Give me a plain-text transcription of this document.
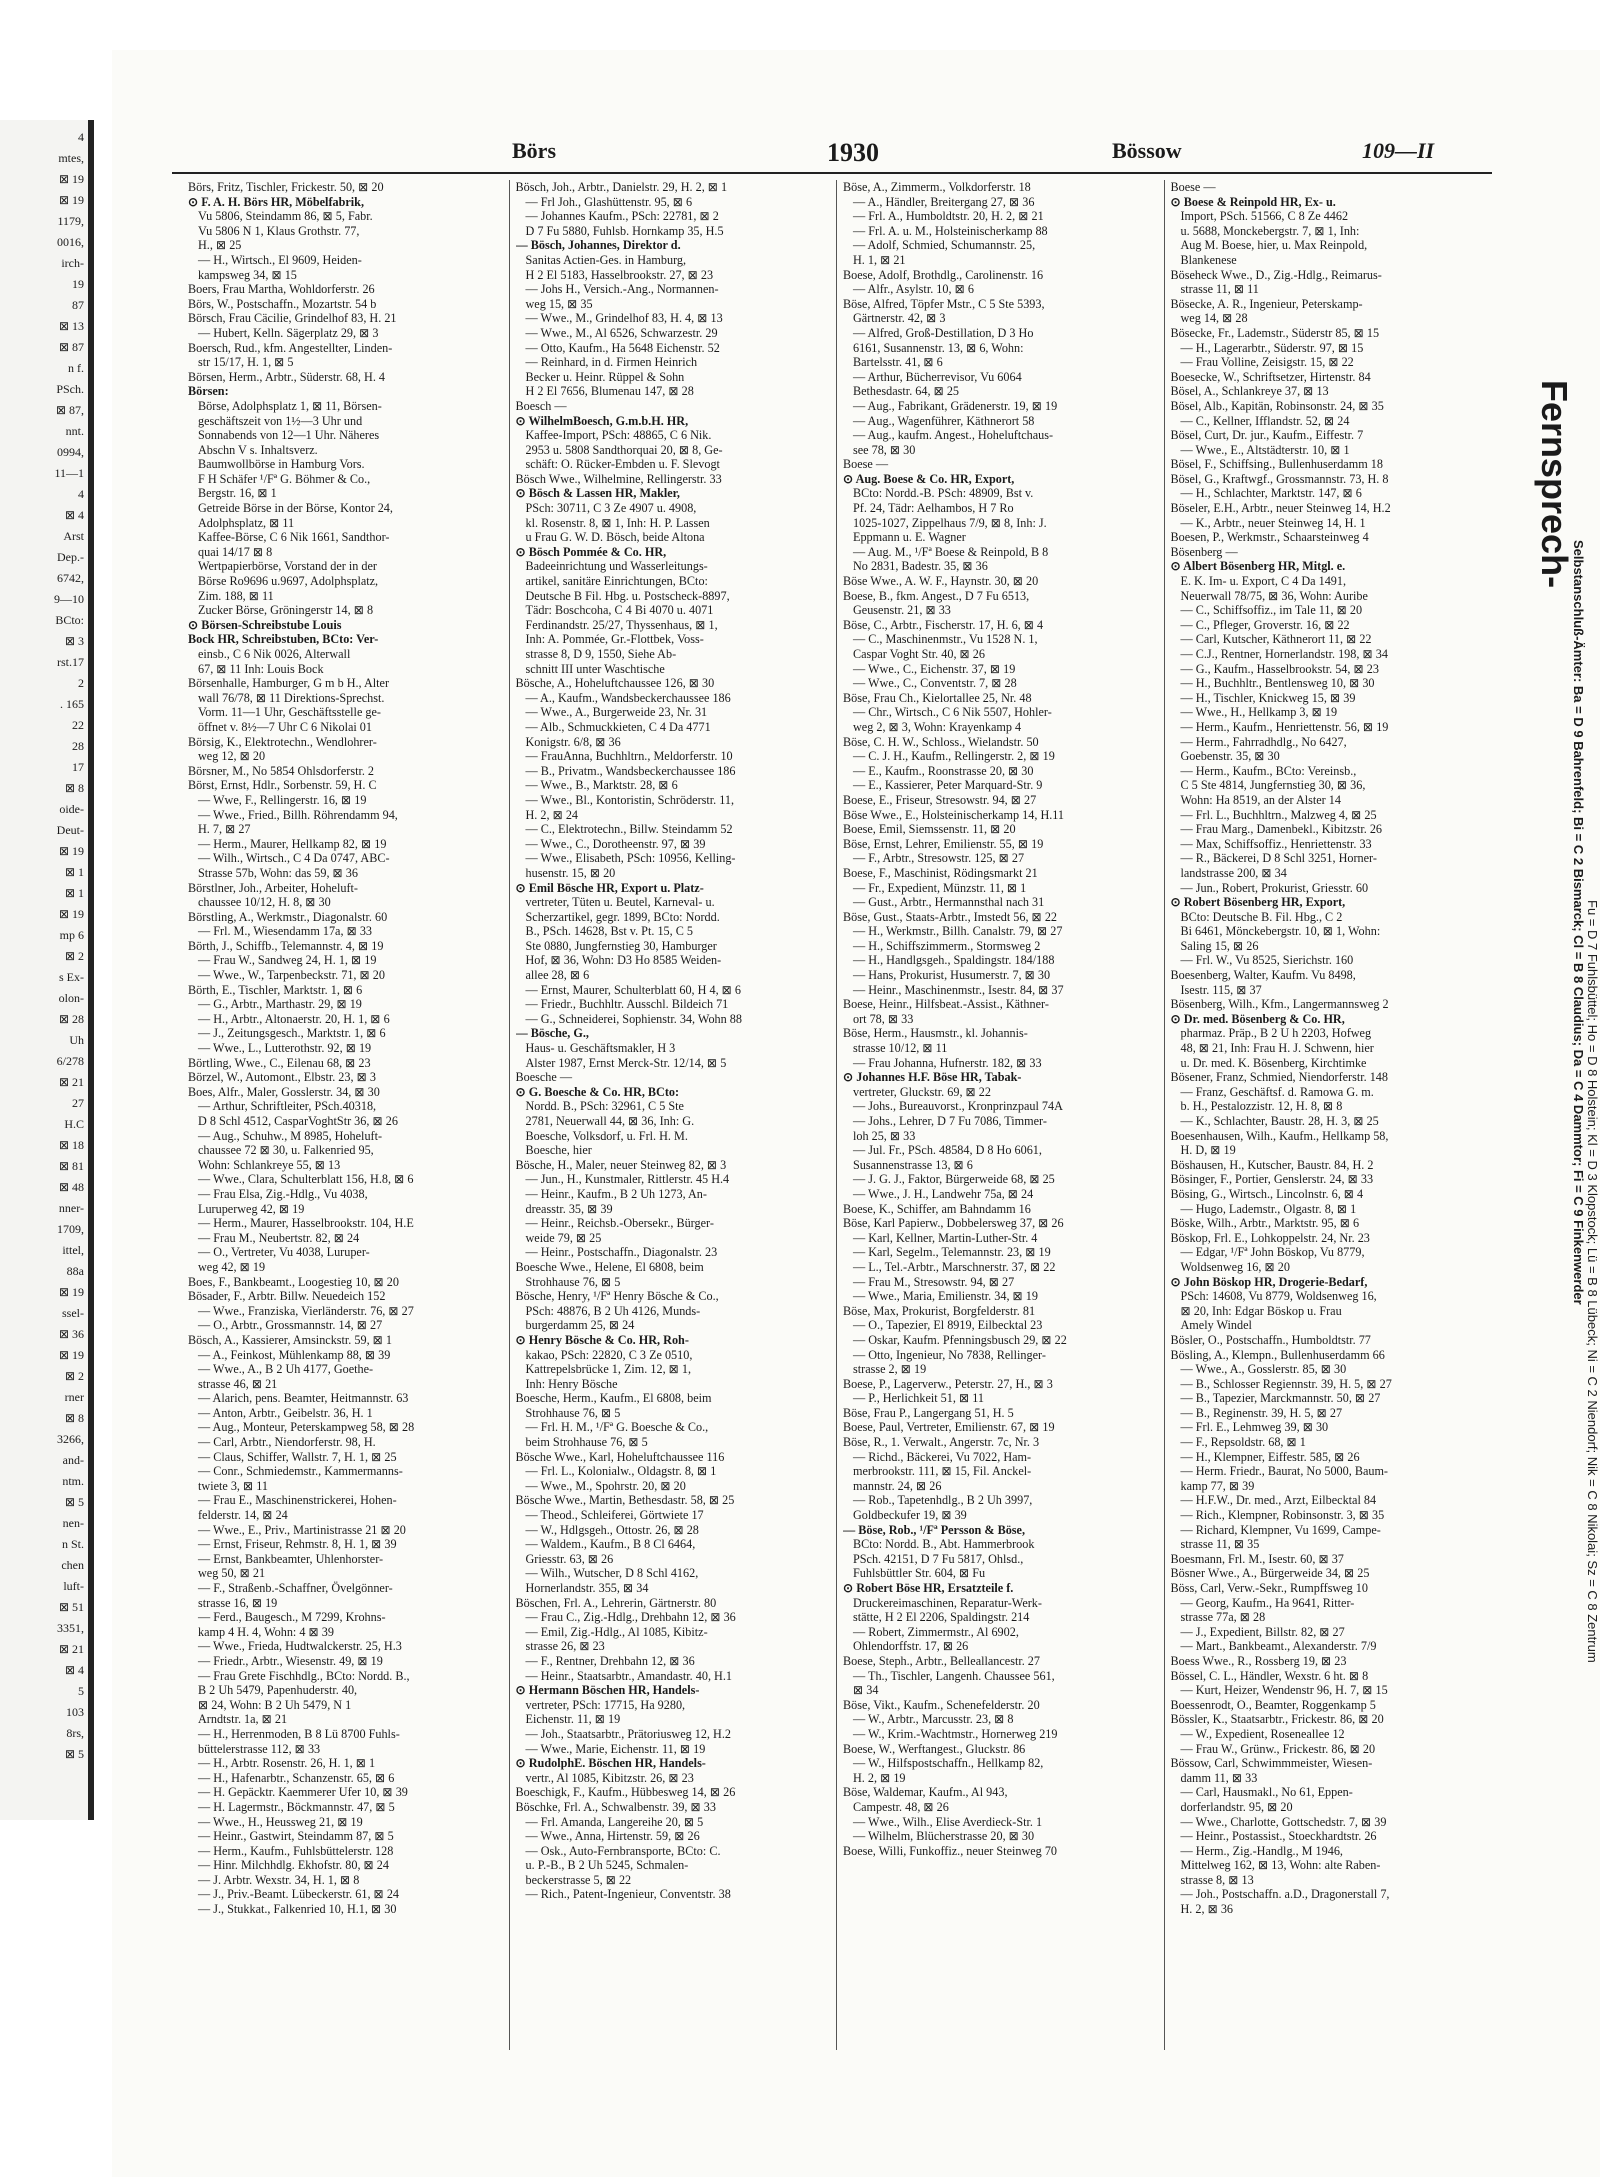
4
mtes,
⊠ 19
⊠ 19
1179,
0016,
irch-
19
87
⊠ 13
⊠ 87
n f.
PSch.
⊠ 87,
nnt.
0994,
11—1
4
⊠ 4
Arst
Dep.-
6742,
9—10
BCto:
⊠ 3
rst.17
2
. 165
22
28
17
⊠ 8
oide-
Deut-
⊠ 19
⊠ 1
⊠ 1
⊠ 19
mp 6
⊠ 2
s Ex-
olon-
⊠ 28
Uh
6/278
⊠ 21
27
H.C
⊠ 18
⊠ 81
⊠ 48
nner-
1709,
ittel,
88a
⊠ 19
ssel-
⊠ 36
⊠ 19
⊠ 2
rner
⊠ 8
3266,
and-
ntm.
⊠ 5
nen-
n St.
chen
luft-
⊠ 51
3351,
⊠ 21
⊠ 4
5
103
8rs,
⊠ 5
Börs	1930	Bössow	109—II
Börs, Fritz, Tischler, Frickestr. 50, ⊠ 20
⊙ F. A. H. Börs HR, Möbelfabrik,
Vu 5806, Steindamm 86, ⊠ 5, Fabr.
Vu 5806 N 1, Klaus Grothstr. 77,
H., ⊠ 25
— H., Wirtsch., El 9609, Heiden-
kampsweg 34, ⊠ 15
Boers, Frau Martha, Wohldorferstr. 26
Börs, W., Postschaffn., Mozartstr. 54 b
Börsch, Frau Cäcilie, Grindelhof 83, H. 21
— Hubert, Kelln. Sägerplatz 29, ⊠ 3
Boersch, Rud., kfm. Angestellter, Linden-
str 15/17, H. 1, ⊠ 5
Börsen, Herm., Arbtr., Süderstr. 68, H. 4
Börsen:
Börse, Adolphsplatz 1, ⊠ 11, Börsen-
geschäftszeit von 1½—3 Uhr und
Sonnabends von 12—1 Uhr. Näheres
Abschn V s. Inhaltsverz.
Baumwollbörse in Hamburg Vors.
F H Schäfer ¹/Fª G. Böhmer & Co.,
Bergstr. 16, ⊠ 1
Getreide Börse in der Börse, Kontor 24,
Adolphsplatz, ⊠ 11
Kaffee-Börse, C 6 Nik 1661, Sandthor-
quai 14/17 ⊠ 8
Wertpapierbörse, Vorstand der in der
Börse Ro9696 u.9697, Adolphsplatz,
Zim. 188, ⊠ 11
Zucker Börse, Gröningerstr 14, ⊠ 8
⊙ Börsen-Schreibstube Louis
Bock HR, Schreibstuben, BCto: Ver-
einsb., C 6 Nik 0026, Alterwall
67, ⊠ 11 Inh: Louis Bock
Börsenhalle, Hamburger, G m b H., Alter
wall 76/78, ⊠ 11 Direktions-Sprechst.
Vorm. 11—1 Uhr, Geschäftsstelle ge-
öffnet v. 8½—7 Uhr C 6 Nikolai 01
Börsig, K., Elektrotechn., Wendlohrer-
weg 12, ⊠ 20
Börsner, M., No 5854 Ohlsdorferstr. 2
Börst, Ernst, Hdlr., Sorbenstr. 59, H. C
— Wwe, F., Rellingerstr. 16, ⊠ 19
— Wwe., Fried., Billh. Röhrendamm 94,
H. 7, ⊠ 27
— Herm., Maurer, Hellkamp 82, ⊠ 19
— Wilh., Wirtsch., C 4 Da 0747, ABC-
Strasse 57b, Wohn: das 59, ⊠ 36
Börstlner, Joh., Arbeiter, Hoheluft-
chaussee 10/12, H. 8, ⊠ 30
Börstling, A., Werkmstr., Diagonalstr. 60
— Frl. M., Wiesendamm 17a, ⊠ 33
Börth, J., Schiffb., Telemannstr. 4, ⊠ 19
— Frau W., Sandweg 24, H. 1, ⊠ 19
— Wwe., W., Tarpenbeckstr. 71, ⊠ 20
Börth, E., Tischler, Marktstr. 1, ⊠ 6
— G., Arbtr., Marthastr. 29, ⊠ 19
— H., Arbtr., Altonaerstr. 20, H. 1, ⊠ 6
— J., Zeitungsgesch., Marktstr. 1, ⊠ 6
— Wwe., L., Lutterothstr. 92, ⊠ 19
Börtling, Wwe., C., Eilenau 68, ⊠ 23
Börzel, W., Automont., Elbstr. 23, ⊠ 3
Boes, Alfr., Maler, Gosslerstr. 34, ⊠ 30
— Arthur, Schriftleiter, PSch.40318,
D 8 Schl 4512, CasparVoghtStr 36, ⊠ 26
— Aug., Schuhw., M 8985, Hoheluft-
chaussee 72 ⊠ 30, u. Falkenried 95,
Wohn: Schlankreye 55, ⊠ 13
— Wwe., Clara, Schulterblatt 156, H.8, ⊠ 6
— Frau Elsa, Zig.-Hdlg., Vu 4038,
Luruperweg 42, ⊠ 19
— Herm., Maurer, Hasselbrookstr. 104, H.E
— Frau M., Neubertstr. 82, ⊠ 24
— O., Vertreter, Vu 4038, Luruper-
weg 42, ⊠ 19
Boes, F., Bankbeamt., Loogestieg 10, ⊠ 20
Bösader, F., Arbtr. Billw. Neuedeich 152
— Wwe., Franziska, Vierländerstr. 76, ⊠ 27
— O., Arbtr., Grossmannstr. 14, ⊠ 27
Bösch, A., Kassierer, Amsinckstr. 59, ⊠ 1
— A., Feinkost, Mühlenkamp 88, ⊠ 39
— Wwe., A., B 2 Uh 4177, Goethe-
strasse 46, ⊠ 21
— Alarich, pens. Beamter, Heitmannstr. 63
— Anton, Arbtr., Geibelstr. 36, H. 1
— Aug., Monteur, Peterskampweg 58, ⊠ 28
— Carl, Arbtr., Niendorferstr. 98, H.
— Claus, Schiffer, Wallstr. 7, H. 1, ⊠ 25
— Conr., Schmiedemstr., Kammermanns-
twiete 3, ⊠ 11
— Frau E., Maschinenstrickerei, Hohen-
felderstr. 14, ⊠ 24
— Wwe., E., Priv., Martinistrasse 21 ⊠ 20
— Ernst, Friseur, Rehmstr. 8, H. 1, ⊠ 39
— Ernst, Bankbeamter, Uhlenhorster-
weg 50, ⊠ 21
— F., Straßenb.-Schaffner, Övelgönner-
strasse 16, ⊠ 19
— Ferd., Baugesch., M 7299, Krohns-
kamp 4 H. 4, Wohn: 4 ⊠ 39
— Wwe., Frieda, Hudtwalckerstr. 25, H.3
— Friedr., Arbtr., Wiesenstr. 49, ⊠ 19
— Frau Grete Fischhdlg., BCto: Nordd. B.,
B 2 Uh 5479, Papenhuderstr. 40,
⊠ 24, Wohn: B 2 Uh 5479, N 1
Arndtstr. 1a, ⊠ 21
— H., Herrenmoden, B 8 Lü 8700 Fuhls-
büttelerstrasse 112, ⊠ 33
— H., Arbtr. Rosenstr. 26, H. 1, ⊠ 1
— H., Hafenarbtr., Schanzenstr. 65, ⊠ 6
— H. Gepäcktr. Kaemmerer Ufer 10, ⊠ 39
— H. Lagermstr., Böckmannstr. 47, ⊠ 5
— Wwe., H., Heussweg 21, ⊠ 19
— Heinr., Gastwirt, Steindamm 87, ⊠ 5
— Herm., Kaufm., Fuhlsbüttelerstr. 128
— Hinr. Milchhdlg. Ekhofstr. 80, ⊠ 24
— J. Arbtr. Wexstr. 34, H. 1, ⊠ 8
— J., Priv.-Beamt. Lübeckerstr. 61, ⊠ 24
— J., Stukkat., Falkenried 10, H.1, ⊠ 30
Bösch, Joh., Arbtr., Danielstr. 29, H. 2, ⊠ 1
— Frl Joh., Glashüttenstr. 95, ⊠ 6
— Johannes Kaufm., PSch: 22781, ⊠ 2
D 7 Fu 5880, Fuhlsb. Hornkamp 35, H.5
— Bösch, Johannes, Direktor d.
Sanitas Actien-Ges. in Hamburg,
H 2 El 5183, Hasselbrookstr. 27, ⊠ 23
— Johs H., Versich.-Ang., Normannen-
weg 15, ⊠ 35
— Wwe., M., Grindelhof 83, H. 4, ⊠ 13
— Wwe., M., Al 6526, Schwarzestr. 29
— Otto, Kaufm., Ha 5648 Eichenstr. 52
— Reinhard, in d. Firmen Heinrich
Becker u. Heinr. Rüppel & Sohn
H 2 El 7656, Blumenau 147, ⊠ 28
Boesch —
⊙ WilhelmBoesch, G.m.b.H. HR,
Kaffee-Import, PSch: 48865, C 6 Nik.
2953 u. 5808 Sandthorquai 20, ⊠ 8, Ge-
schäft: O. Rücker-Embden u. F. Slevogt
Bösch Wwe., Wilhelmine, Rellingerstr. 33
⊙ Bösch & Lassen HR, Makler,
PSch: 30711, C 3 Ze 4907 u. 4908,
kl. Rosenstr. 8, ⊠ 1, Inh: H. P. Lassen
u Frau G. W. D. Bösch, beide Altona
⊙ Bösch Pommée & Co. HR,
Badeeinrichtung und Wasserleitungs-
artikel, sanitäre Einrichtungen, BCto:
Deutsche B Fil. Hbg. u. Postscheck-8897,
Tädr: Boschcoha, C 4 Bi 4070 u. 4071
Ferdinandstr. 25/27, Thyssenhaus, ⊠ 1,
Inh: A. Pommée, Gr.-Flottbek, Voss-
strasse 8, D 9, 1550, Siehe Ab-
schnitt III unter Waschtische
Bösche, A., Hoheluftchaussee 126, ⊠ 30
— A., Kaufm., Wandsbeckerchaussee 186
— Wwe., A., Burgerweide 23, Nr. 31
— Alb., Schmuckkieten, C 4 Da 4771
Konigstr. 6/8, ⊠ 36
— FrauAnna, Buchhltrn., Meldorferstr. 10
— B., Privatm., Wandsbeckerchaussee 186
— Wwe., B., Marktstr. 28, ⊠ 6
— Wwe., Bl., Kontoristin, Schröderstr. 11,
H. 2, ⊠ 24
— C., Elektrotechn., Billw. Steindamm 52
— Wwe., C., Dorotheenstr. 97, ⊠ 39
— Wwe., Elisabeth, PSch: 10956, Kelling-
husenstr. 15, ⊠ 20
⊙ Emil Bösche HR, Export u. Platz-
vertreter, Tüten u. Beutel, Karneval- u.
Scherzartikel, gegr. 1899, BCto: Nordd.
B., PSch. 14628, Bst v. Pt. 15, C 5
Ste 0880, Jungfernstieg 30, Hamburger
Hof, ⊠ 36, Wohn: D3 Ho 8585 Weiden-
allee 28, ⊠ 6
— Ernst, Maurer, Schulterblatt 60, H 4, ⊠ 6
— Friedr., Buchhltr. Ausschl. Bildeich 71
— G., Schneiderei, Sophienstr. 34, Wohn 88
— Bösche, G.,
Haus- u. Geschäftsmakler, H 3
Alster 1987, Ernst Merck-Str. 12/14, ⊠ 5
Boesche —
⊙ G. Boesche & Co. HR, BCto:
Nordd. B., PSch: 32961, C 5 Ste
2781, Neuerwall 44, ⊠ 36, Inh: G.
Boesche, Volksdorf, u. Frl. H. M.
Boesche, hier
Bösche, H., Maler, neuer Steinweg 82, ⊠ 3
— Jun., H., Kunstmaler, Rittlerstr. 45 H.4
— Heinr., Kaufm., B 2 Uh 1273, An-
dreasstr. 35, ⊠ 39
— Heinr., Reichsb.-Obersekr., Bürger-
weide 79, ⊠ 25
— Heinr., Postschaffn., Diagonalstr. 23
Boesche Wwe., Helene, El 6808, beim
Strohhause 76, ⊠ 5
Bösche, Henry, ¹/Fª Henry Bösche & Co.,
PSch: 48876, B 2 Uh 4126, Munds-
burgerdamm 25, ⊠ 24
⊙ Henry Bösche & Co. HR, Roh-
kakao, PSch: 22820, C 3 Ze 0510,
Kattrepelsbrücke 1, Zim. 12, ⊠ 1,
Inh: Henry Bösche
Boesche, Herm., Kaufm., El 6808, beim
Strohhause 76, ⊠ 5
— Frl. H. M., ¹/Fª G. Boesche & Co.,
beim Strohhause 76, ⊠ 5
Bösche Wwe., Karl, Hoheluftchaussee 116
— Frl. L., Kolonialw., Oldagstr. 8, ⊠ 1
— Wwe., M., Spohrstr. 20, ⊠ 20
Bösche Wwe., Martin, Bethesdastr. 58, ⊠ 25
— Theod., Schleiferei, Görtwiete 17
— W., Hdlgsgeh., Ottostr. 26, ⊠ 28
— Waldem., Kaufm., B 8 Cl 6464,
Griesstr. 63, ⊠ 26
— Wilh., Wutscher, D 8 Schl 4162,
Hornerlandstr. 355, ⊠ 34
Böschen, Frl. A., Lehrerin, Gärtnerstr. 80
— Frau C., Zig.-Hdlg., Drehbahn 12, ⊠ 36
— Emil, Zig.-Hdlg., Al 1085, Kibitz-
strasse 26, ⊠ 23
— F., Rentner, Drehbahn 12, ⊠ 36
— Heinr., Staatsarbtr., Amandastr. 40, H.1
⊙ Hermann Böschen HR, Handels-
vertreter, PSch: 17715, Ha 9280,
Eichenstr. 11, ⊠ 19
— Joh., Staatsarbtr., Prätoriusweg 12, H.2
— Wwe., Marie, Eichenstr. 11, ⊠ 19
⊙ RudolphE. Böschen HR, Handels-
vertr., Al 1085, Kibitzstr. 26, ⊠ 23
Boeschigk, F., Kaufm., Hübbesweg 14, ⊠ 26
Böschke, Frl. A., Schwalbenstr. 39, ⊠ 33
— Frl. Amanda, Langereihe 20, ⊠ 5
— Wwe., Anna, Hirtenstr. 59, ⊠ 26
— Osk., Auto-Fernbransporte, BCto: C.
u. P.-B., B 2 Uh 5245, Schmalen-
beckerstrasse 5, ⊠ 22
— Rich., Patent-Ingenieur, Conventstr. 38
Böse, A., Zimmerm., Volkdorferstr. 18
— A., Händler, Breitergang 27, ⊠ 36
— Frl. A., Humboldtstr. 20, H. 2, ⊠ 21
— Frl. A. u. M., Holsteinischerkamp 88
— Adolf, Schmied, Schumannstr. 25,
H. 1, ⊠ 21
Boese, Adolf, Brothdlg., Carolinenstr. 16
— Alfr., Asylstr. 10, ⊠ 6
Böse, Alfred, Töpfer Mstr., C 5 Ste 5393,
Gärtnerstr. 42, ⊠ 3
— Alfred, Groß-Destillation, D 3 Ho
6161, Susannenstr. 13, ⊠ 6, Wohn:
Bartelsstr. 41, ⊠ 6
— Arthur, Bücherrevisor, Vu 6064
Bethesdastr. 64, ⊠ 25
— Aug., Fabrikant, Grädenerstr. 19, ⊠ 19
— Aug., Wagenführer, Käthnerort 58
— Aug., kaufm. Angest., Hoheluftchaus-
see 78, ⊠ 30
Boese —
⊙ Aug. Boese & Co. HR, Export,
BCto: Nordd.-B. PSch: 48909, Bst v.
Pf. 24, Tädr: Aelhambos, H 7 Ro
1025-1027, Zippelhaus 7/9, ⊠ 8, Inh: J.
Eppmann u. E. Wagner
— Aug. M., ¹/Fª Boese & Reinpold, B 8
No 2831, Badestr. 35, ⊠ 36
Böse Wwe., A. W. F., Haynstr. 30, ⊠ 20
Boese, B., fkm. Angest., D 7 Fu 6513,
Geusenstr. 21, ⊠ 33
Böse, C., Arbtr., Fischerstr. 17, H. 6, ⊠ 4
— C., Maschinenmstr., Vu 1528 N. 1,
Caspar Voght Str. 40, ⊠ 26
— Wwe., C., Eichenstr. 37, ⊠ 19
— Wwe., C., Conventstr. 7, ⊠ 28
Böse, Frau Ch., Kielortallee 25, Nr. 48
— Chr., Wirtsch., C 6 Nik 5507, Hohler-
weg 2, ⊠ 3, Wohn: Krayenkamp 4
Böse, C. H. W., Schloss., Wielandstr. 50
— C. J. H., Kaufm., Rellingerstr. 2, ⊠ 19
— E., Kaufm., Roonstrasse 20, ⊠ 30
— E., Kassierer, Peter Marquard-Str. 9
Boese, E., Friseur, Stresowstr. 94, ⊠ 27
Böse Wwe., E., Holsteinischerkamp 14, H.11
Boese, Emil, Siemssenstr. 11, ⊠ 20
Böse, Ernst, Lehrer, Emilienstr. 55, ⊠ 19
— F., Arbtr., Stresowstr. 125, ⊠ 27
Boese, F., Maschinist, Rödingsmarkt 21
— Fr., Expedient, Münzstr. 11, ⊠ 1
— Gust., Arbtr., Hermannsthal nach 31
Böse, Gust., Staats-Arbtr., Imstedt 56, ⊠ 22
— H., Werkmstr., Billh. Canalstr. 79, ⊠ 27
— H., Schiffszimmerm., Stormsweg 2
— H., Handlgsgeh., Spaldingstr. 184/188
— Hans, Prokurist, Husumerstr. 7, ⊠ 30
— Heinr., Maschinenmstr., Isestr. 84, ⊠ 37
Boese, Heinr., Hilfsbeat.-Assist., Käthner-
ort 78, ⊠ 33
Böse, Herm., Hausmstr., kl. Johannis-
strasse 10/12, ⊠ 11
— Frau Johanna, Hufnerstr. 182, ⊠ 33
⊙ Johannes H.F. Böse HR, Tabak-
vertreter, Gluckstr. 69, ⊠ 22
— Johs., Bureauvorst., Kronprinzpaul 74A
— Johs., Lehrer, D 7 Fu 7086, Timmer-
loh 25, ⊠ 33
— Jul. Fr., PSch. 48584, D 8 Ho 6061,
Susannenstrasse 13, ⊠ 6
— J. G. J., Faktor, Bürgerweide 68, ⊠ 25
— Wwe., J. H., Landwehr 75a, ⊠ 24
Boese, K., Schiffer, am Bahndamm 16
Böse, Karl Papierw., Dobbelersweg 37, ⊠ 26
— Karl, Kellner, Martin-Luther-Str. 4
— Karl, Segelm., Telemannstr. 23, ⊠ 19
— L., Tel.-Arbtr., Marschnerstr. 37, ⊠ 22
— Frau M., Stresowstr. 94, ⊠ 27
— Wwe., Maria, Emilienstr. 34, ⊠ 19
Böse, Max, Prokurist, Borgfelderstr. 81
— O., Tapezier, El 8919, Eilbecktal 23
— Oskar, Kaufm. Pfenningsbusch 29, ⊠ 22
— Otto, Ingenieur, No 7838, Rellinger-
strasse 2, ⊠ 19
Boese, P., Lagerverw., Peterstr. 27, H., ⊠ 3
— P., Herlichkeit 51, ⊠ 11
Böse, Frau P., Langergang 51, H. 5
Boese, Paul, Vertreter, Emilienstr. 67, ⊠ 19
Böse, R., 1. Verwalt., Angerstr. 7c, Nr. 3
— Richd., Bäckerei, Vu 7022, Ham-
merbrookstr. 111, ⊠ 15, Fil. Anckel-
mannstr. 24, ⊠ 26
— Rob., Tapetenhdlg., B 2 Uh 3997,
Goldbeckufer 19, ⊠ 39
— Böse, Rob., ¹/Fª Persson & Böse,
BCto: Nordd. B., Abt. Hammerbrook
PSch. 42151, D 7 Fu 5817, Ohlsd.,
Fuhlsbüttler Str. 604, ⊠ Fu
⊙ Robert Böse HR, Ersatzteile f.
Druckereimaschinen, Reparatur-Werk-
stätte, H 2 El 2206, Spaldingstr. 214
— Robert, Zimmermstr., Al 6902,
Ohlendorffstr. 17, ⊠ 26
Boese, Steph., Arbtr., Belleallancestr. 27
— Th., Tischler, Langenh. Chaussee 561,
⊠ 34
Böse, Vikt., Kaufm., Schenefelderstr. 20
— W., Arbtr., Marcusstr. 23, ⊠ 8
— W., Krim.-Wachtmstr., Hornerweg 219
Boese, W., Werftangest., Gluckstr. 86
— W., Hilfspostschaffn., Hellkamp 82,
H. 2, ⊠ 19
Böse, Waldemar, Kaufm., Al 943,
Campestr. 48, ⊠ 26
— Wwe., Wilh., Elise Averdieck-Str. 1
— Wilhelm, Blücherstrasse 20, ⊠ 30
Boese, Willi, Funkoffiz., neuer Steinweg 70
Boese —
⊙ Boese & Reinpold HR, Ex- u.
Import, PSch. 51566, C 8 Ze 4462
u. 5688, Monckebergstr. 7, ⊠ 1, Inh:
Aug M. Boese, hier, u. Max Reinpold,
Blankenese
Böseheck Wwe., D., Zig.-Hdlg., Reimarus-
strasse 11, ⊠ 11
Bösecke, A. R., Ingenieur, Peterskamp-
weg 14, ⊠ 28
Bösecke, Fr., Lademstr., Süderstr 85, ⊠ 15
— H., Lagerarbtr., Süderstr. 97, ⊠ 15
— Frau Volline, Zeisigstr. 15, ⊠ 22
Boesecke, W., Schriftsetzer, Hirtenstr. 84
Bösel, A., Schlankreye 37, ⊠ 13
Bösel, Alb., Kapitän, Robinsonstr. 24, ⊠ 35
— C., Kellner, Ifflandstr. 52, ⊠ 24
Bösel, Curt, Dr. jur., Kaufm., Eiffestr. 7
— Wwe., E., Altstädterstr. 10, ⊠ 1
Bösel, F., Schiffsing., Bullenhuserdamm 18
Bösel, G., Kraftwgf., Grossmannstr. 73, H. 8
— H., Schlachter, Marktstr. 147, ⊠ 6
Böseler, E.H., Arbtr., neuer Steinweg 14, H.2
— K., Arbtr., neuer Steinweg 14, H. 1
Boesen, P., Werkmstr., Schaarsteinweg 4
Bösenberg —
⊙ Albert Bösenberg HR, Mitgl. e.
E. K. Im- u. Export, C 4 Da 1491,
Neuerwall 78/75, ⊠ 36, Wohn: Auribe
— C., Schiffsoffiz., im Tale 11, ⊠ 20
— C., Pfleger, Groverstr. 16, ⊠ 22
— Carl, Kutscher, Käthnerort 11, ⊠ 22
— C.J., Rentner, Hornerlandstr. 198, ⊠ 34
— G., Kaufm., Hasselbrookstr. 54, ⊠ 23
— H., Buchhltr., Bentlensweg 10, ⊠ 30
— H., Tischler, Knickweg 15, ⊠ 39
— Wwe., H., Hellkamp 3, ⊠ 19
— Herm., Kaufm., Henriettenstr. 56, ⊠ 19
— Herm., Fahrradhdlg., No 6427,
Goebenstr. 35, ⊠ 30
— Herm., Kaufm., BCto: Vereinsb.,
C 5 Ste 4814, Jungfernstieg 30, ⊠ 36,
Wohn: Ha 8519, an der Alster 14
— Frl. L., Buchhltrn., Malzweg 4, ⊠ 25
— Frau Marg., Damenbekl., Kibitzstr. 26
— Max, Schiffsoffiz., Henriettenstr. 33
— R., Bäckerei, D 8 Schl 3251, Horner-
landstrasse 200, ⊠ 34
— Jun., Robert, Prokurist, Griesstr. 60
⊙ Robert Bösenberg HR, Export,
BCto: Deutsche B. Fil. Hbg., C 2
Bi 6461, Mönckebergstr. 10, ⊠ 1, Wohn:
Saling 15, ⊠ 26
— Frl. W., Vu 8525, Sierichstr. 160
Boesenberg, Walter, Kaufm. Vu 8498,
Isestr. 115, ⊠ 37
Bösenberg, Wilh., Kfm., Langermannsweg 2
⊙ Dr. med. Bösenberg & Co. HR,
pharmaz. Präp., B 2 U h 2203, Hofweg
48, ⊠ 21, Inh: Frau H. J. Schwenn, hier
u. Dr. med. K. Bösenberg, Kirchtimke
Bösener, Franz, Schmied, Niendorferstr. 148
— Franz, Geschäftsf. d. Ramowa G. m.
b. H., Pestalozzistr. 12, H. 8, ⊠ 8
— K., Schlachter, Baustr. 28, H. 3, ⊠ 25
Boesenhausen, Wilh., Kaufm., Hellkamp 58,
H. D, ⊠ 19
Böshausen, H., Kutscher, Baustr. 84, H. 2
Bösinger, F., Portier, Genslerstr. 24, ⊠ 33
Bösing, G., Wirtsch., Lincolnstr. 6, ⊠ 4
— Hugo, Lademstr., Olgastr. 8, ⊠ 1
Böske, Wilh., Arbtr., Marktstr. 95, ⊠ 6
Böskop, Frl. E., Lohkoppelstr. 24, Nr. 23
— Edgar, ¹/Fª John Böskop, Vu 8779,
Woldsenweg 16, ⊠ 20
⊙ John Böskop HR, Drogerie-Bedarf,
PSch: 14608, Vu 8779, Woldsenweg 16,
⊠ 20, Inh: Edgar Böskop u. Frau
Amely Windel
Bösler, O., Postschaffn., Humboldtstr. 77
Bösling, A., Klempn., Bullenhuserdamm 66
— Wwe., A., Gosslerstr. 85, ⊠ 30
— B., Schlosser Regiennstr. 39, H. 5, ⊠ 27
— B., Tapezier, Marckmannstr. 50, ⊠ 27
— B., Reginenstr. 39, H. 5, ⊠ 27
— Frl. E., Lehmweg 39, ⊠ 30
— F., Repsoldstr. 68, ⊠ 1
— H., Klempner, Eiffestr. 585, ⊠ 26
— Herm. Friedr., Baurat, No 5000, Baum-
kamp 77, ⊠ 39
— H.F.W., Dr. med., Arzt, Eilbecktal 84
— Rich., Klempner, Robinsonstr. 3, ⊠ 35
— Richard, Klempner, Vu 1699, Campe-
strasse 11, ⊠ 35
Boesmann, Frl. M., Isestr. 60, ⊠ 37
Bösner Wwe., A., Bürgerweide 34, ⊠ 25
Böss, Carl, Verw.-Sekr., Rumpffsweg 10
— Georg, Kaufm., Ha 9641, Ritter-
strasse 77a, ⊠ 28
— J., Expedient, Billstr. 82, ⊠ 27
— Mart., Bankbeamt., Alexanderstr. 7/9
Boess Wwe., R., Rossberg 19, ⊠ 23
Bössel, C. L., Händler, Wexstr. 6 ht. ⊠ 8
— Kurt, Heizer, Wendenstr 96, H. 7, ⊠ 15
Boessenrodt, O., Beamter, Roggenkamp 5
Bössler, K., Staatsarbtr., Frickestr. 86, ⊠ 20
— W., Expedient, Roseneallee 12
— Frau W., Grünw., Frickestr. 86, ⊠ 20
Bössow, Carl, Schwimmmeister, Wiesen-
damm 11, ⊠ 33
— Carl, Hausmakl., No 61, Eppen-
dorferlandstr. 95, ⊠ 20
— Wwe., Charlotte, Gottschedstr. 7, ⊠ 39
— Heinr., Postassist., Stoeckhardtstr. 26
— Herm., Zig.-Handlg., M 1946,
Mittelweg 162, ⊠ 13, Wohn: alte Raben-
strasse 8, ⊠ 13
— Joh., Postschaffn. a.D., Dragonerstall 7,
H. 2, ⊠ 36
Fernsprech-
Selbstanschluß-Ämter: Ba = D 9 Bahrenfeld; Bi = C 2 Bismarck; Cl = B 8 Claudius; Da = C 4 Dammtor; Fi = C 9 Finkenwerder Fu = D 7 Fuhlsbüttel; Ho = D 8 Holstein; Kl = D 3 Klopstock; Lü = B 8 Lübeck; Ni = C 2 Niendorf; Nik = C 8 Nikolai; Sz = C 8 Zentrum
